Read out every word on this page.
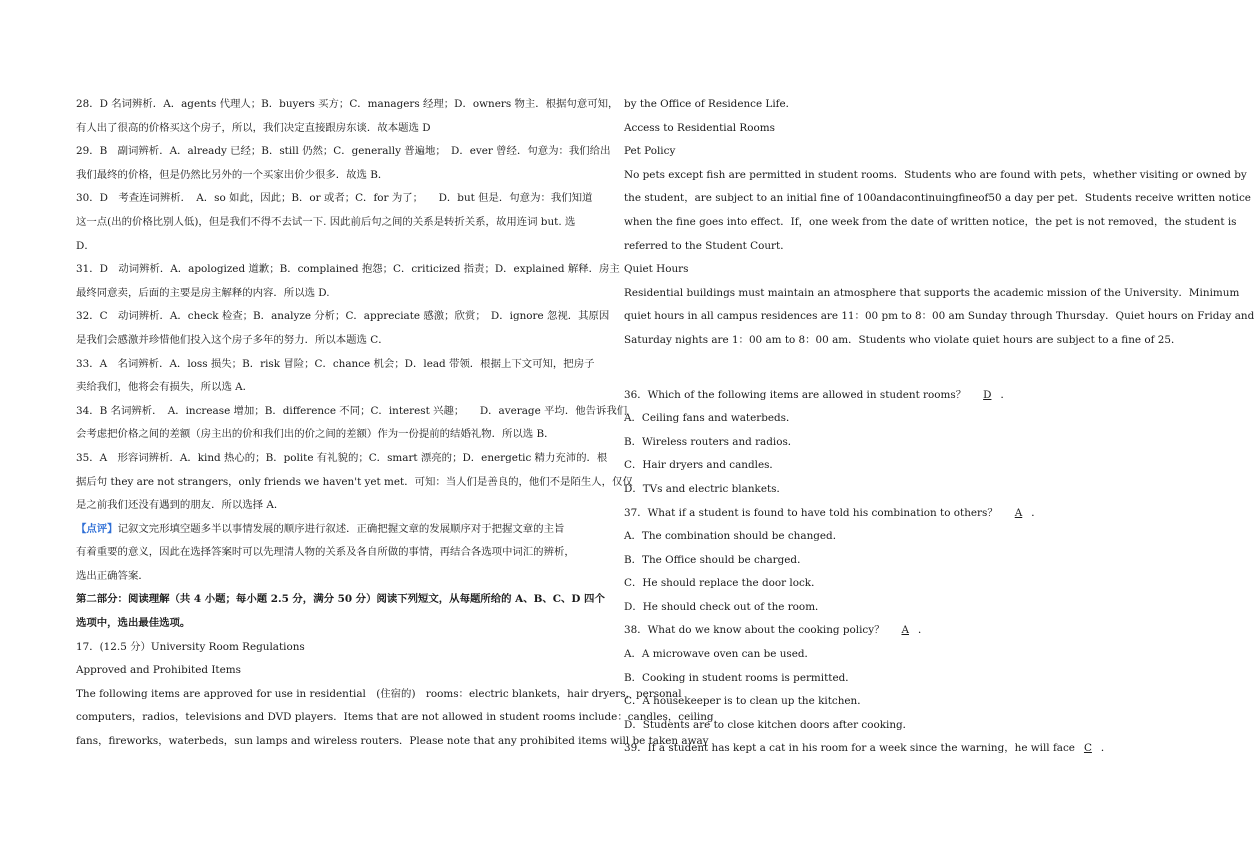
28．D 名词辨析．A．agents 代理人；B．buyers 买方；C．managers 经理；D．owners 物主．根据句意可知，
有人出了很高的价格买这个房子，所以，我们决定直接跟房东谈．故本题选 D
29．B　副词辨析．A．already 已经；B．still 仍然；C．generally 普遍地；　D．ever 曾经．句意为：我们给出
我们最终的价格，但是仍然比另外的一个买家出价少很多．故选 B．
30．D　考查连词辨析．　A．so 如此，因此；B．or 或者；C．for 为了；　　D．but 但是．句意为：我们知道
这一点(出的价格比别人低)，但是我们不得不去试一下. 因此前后句之间的关系是转折关系，故用连词 but. 选
D．
31．D　动词辨析．A．apologized 道歉；B．complained 抱怨；C．criticized 指责；D．explained 解释．房主
最终同意卖，后面的主要是房主解释的内容．所以选 D.
32．C　动词辨析．A．check 检查；B．analyze 分析；C．appreciate 感激；欣赏；　D．ignore 忽视．其原因
是我们会感激并珍惜他们投入这个房子多年的努力．所以本题选 C．
33．A　名词辨析．A．loss 损失；B．risk 冒险；C．chance 机会；D．lead 带领．根据上下文可知，把房子
卖给我们，他将会有损失，所以选 A．
34．B 名词辨析．　A．increase 增加；B．difference 不同；C．interest 兴趣；　　D．average 平均．他告诉我们
会考虑把价格之间的差额（房主出的价和我们出的价之间的差额）作为一份提前的结婚礼物．所以选 B．
35．A　形容词辨析．A．kind 热心的；B．polite 有礼貌的；C．smart 漂亮的；D．energetic 精力充沛的．根
据后句 they are not strangers，only friends we haven't yet met．可知：当人们是善良的，他们不是陌生人，仅仅
是之前我们还没有遇到的朋友．所以选择 A．
【点评】记叙文完形填空题多半以事情发展的顺序进行叙述．正确把握文章的发展顺序对于把握文章的主旨
有着重要的意义，因此在选择答案时可以先理清人物的关系及各自所做的事情，再结合各选项中词汇的辨析，
选出正确答案．
第二部分：阅读理解（共 4 小题；每小题 2.5 分，满分 50 分）阅读下列短文，从每题所给的 A、B、C、D 四个
选项中，选出最佳选项。
17．(12.5 分）University Room Regulations
Approved and Prohibited Items
The following items are approved for use in residential　(住宿的)　rooms：electric blankets，hair dryers，personal
computers，radios，televisions and DVD players．Items that are not allowed in student rooms include：candles，ceiling
fans，fireworks，waterbeds，sun lamps and wireless routers．Please note that any prohibited items will be taken away
by the Office of Residence Life．
Access to Residential Rooms
Pet Policy
No pets except fish are permitted in student rooms．Students who are found with pets，whether visiting or owned by
the student，are subject to an initial fine of 100andacontinuingfineof50 a day per pet．Students receive written notice
when the fine goes into effect．If，one week from the date of written notice，the pet is not removed，the student is
referred to the Student Court．
Quiet Hours
Residential buildings must maintain an atmosphere that supports the academic mission of the University．Minimum
quiet hours in all campus residences are 11：00 pm to 8：00 am Sunday through Thursday．Quiet hours on Friday and
Saturday nights are 1：00 am to 8：00 am．Students who violate quiet hours are subject to a fine of 25．
36．Which of the following items are allowed in student rooms？ D ．
A．Ceiling fans and waterbeds．
B．Wireless routers and radios．
C．Hair dryers and candles．
D．TVs and electric blankets．
37．What if a student is found to have told his combination to others？ A ．
A．The combination should be changed．
B．The Office should be charged．
C．He should replace the door lock．
D．He should check out of the room．
38．What do we know about the cooking policy？ A ．
A．A microwave oven can be used．
B．Cooking in student rooms is permitted．
C．A housekeeper is to clean up the kitchen．
D．Students are to close kitchen doors after cooking．
39．If a student has kept a cat in his room for a week since the warning，he will face C ．
